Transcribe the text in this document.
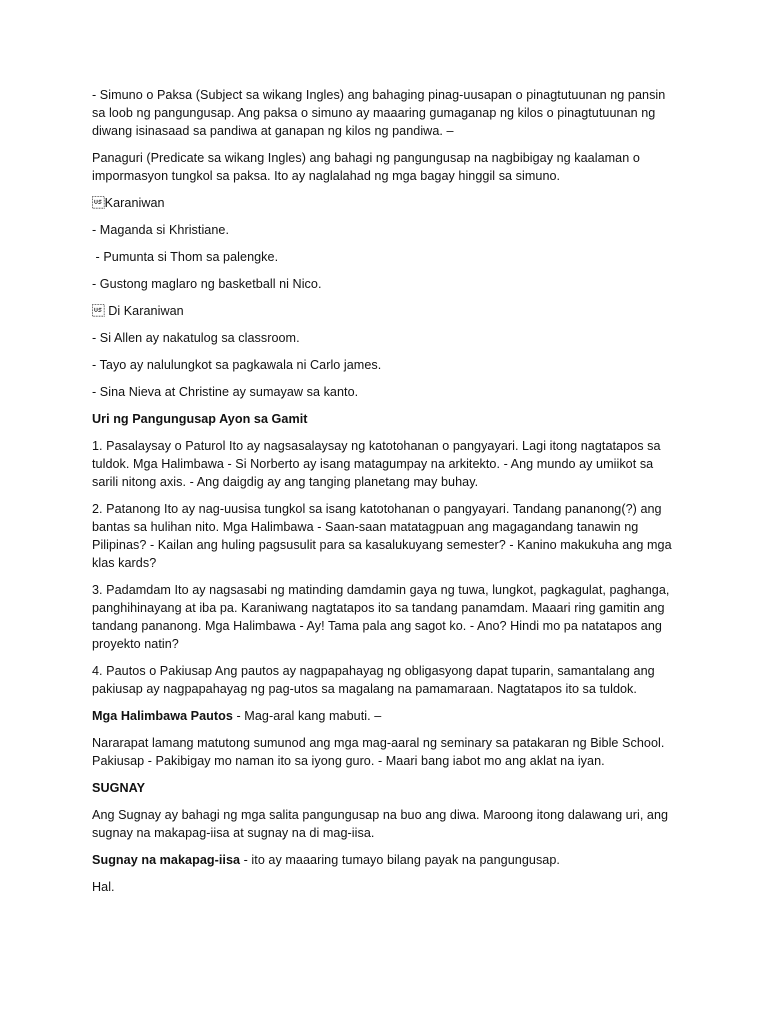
- Simuno o Paksa (Subject sa wikang Ingles) ang bahaging pinag-uusapan o pinagtutuunan ng pansin sa loob ng pangungusap. Ang paksa o simuno ay maaaring gumaganap ng kilos o pinagtutuunan ng diwang isinasaad sa pandiwa at ganapan ng kilos ng pandiwa. –

Panaguri (Predicate sa wikang Ingles) ang bahagi ng pangungusap na nagbibigay ng kaalaman o impormasyon tungkol sa paksa. Ito ay naglalahad ng mga bagay hinggil sa simuno.

Karaniwan

- Maganda si Khristiane.

- Pumunta si Thom sa palengke.

- Gustong maglaro ng basketball ni Nico.

 Di Karaniwan

- Si Allen ay nakatulog sa classroom.

- Tayo ay nalulungkot sa pagkawala ni Carlo james.

- Sina Nieva at Christine ay sumayaw sa kanto.

Uri ng Pangungusap Ayon sa Gamit

1. Pasalaysay o Paturol Ito ay nagsasalaysay ng katotohanan o pangyayari. Lagi itong nagtatapos sa tuldok. Mga Halimbawa - Si Norberto ay isang matagumpay na arkitekto. - Ang mundo ay umiikot sa sarili nitong axis. - Ang daigdig ay ang tanging planetang may buhay.

2. Patanong Ito ay nag-uusisa tungkol sa isang katotohanan o pangyayari. Tandang pananong(?) ang bantas sa hulihan nito. Mga Halimbawa - Saan-saan matatagpuan ang magagandang tanawin ng Pilipinas? - Kailan ang huling pagsusulit para sa kasalukuyang semester? - Kanino makukuha ang mga klas kards?

3. Padamdam Ito ay nagsasabi ng matinding damdamin gaya ng tuwa, lungkot, pagkagulat, paghanga, panghihinayang at iba pa. Karaniwang nagtatapos ito sa tandang panamdam. Maaari ring gamitin ang tandang pananong. Mga Halimbawa - Ay! Tama pala ang sagot ko. - Ano? Hindi mo pa natatapos ang proyekto natin?

4. Pautos o Pakiusap Ang pautos ay nagpapahayag ng obligasyong dapat tuparin, samantalang ang pakiusap ay nagpapahayag ng pag-utos sa magalang na pamamaraan. Nagtatapos ito sa tuldok.

Mga Halimbawa Pautos - Mag-aral kang mabuti. –

Nararapat lamang matutong sumunod ang mga mag-aaral ng seminary sa patakaran ng Bible School. Pakiusap - Pakibigay mo naman ito sa iyong guro. - Maari bang iabot mo ang aklat na iyan.

SUGNAY

Ang Sugnay ay bahagi ng mga salita pangungusap na buo ang diwa. Maroong itong dalawang uri, ang sugnay na makapag-iisa at sugnay na di mag-iisa.

Sugnay na makapag-iisa - ito ay maaaring tumayo bilang payak na pangungusap.

Hal.
